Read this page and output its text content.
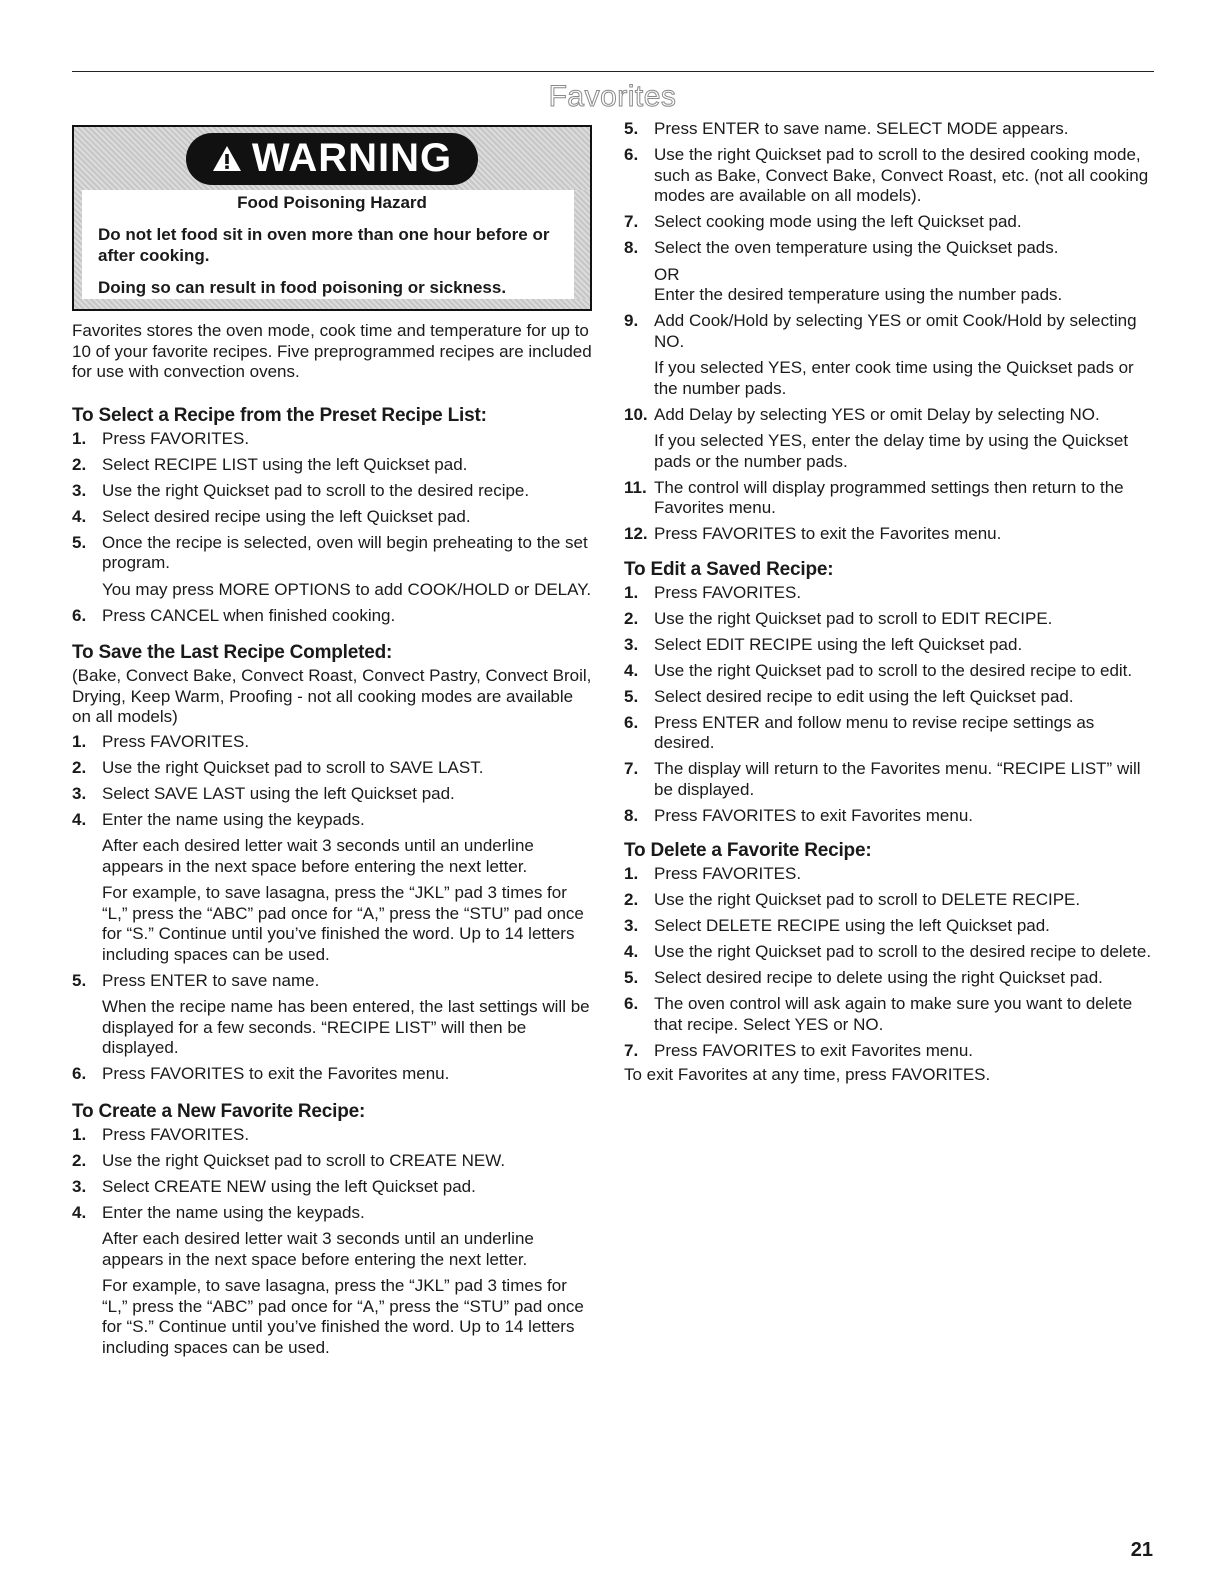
Favorites
WARNING
Food Poisoning Hazard
Do not let food sit in oven more than one hour before or after cooking.
Doing so can result in food poisoning or sickness.

Favorites stores the oven mode, cook time and temperature for up to 10 of your favorite recipes. Five preprogrammed recipes are included for use with convection ovens.

To Select a Recipe from the Preset Recipe List:
1. Press FAVORITES.
2. Select RECIPE LIST using the left Quickset pad.
3. Use the right Quickset pad to scroll to the desired recipe.
4. Select desired recipe using the left Quickset pad.
5. Once the recipe is selected, oven will begin preheating to the set program.
You may press MORE OPTIONS to add COOK/HOLD or DELAY.
6. Press CANCEL when finished cooking.
To Save the Last Recipe Completed:

(Bake, Convect Bake, Convect Roast, Convect Pastry, Convect Broil, Drying, Keep Warm, Proofing - not all cooking modes are available on all models)

1. Press FAVORITES.
2. Use the right Quickset pad to scroll to SAVE LAST.
3. Select SAVE LAST using the left Quickset pad.
4. Enter the name using the keypads.
After each desired letter wait 3 seconds until an underline appears in the next space before entering the next letter.
For example, to save lasagna, press the “JKL” pad 3 times for “L,” press the “ABC” pad once for “A,” press the “STU” pad once for “S.” Continue until you’ve finished the word. Up to 14 letters including spaces can be used.
5. Press ENTER to save name.
When the recipe name has been entered, the last settings will be displayed for a few seconds. “RECIPE LIST” will then be displayed.
6. Press FAVORITES to exit the Favorites menu.
To Create a New Favorite Recipe:
1. Press FAVORITES.
2. Use the right Quickset pad to scroll to CREATE NEW.
3. Select CREATE NEW using the left Quickset pad.
4. Enter the name using the keypads.
After each desired letter wait 3 seconds until an underline appears in the next space before entering the next letter.
For example, to save lasagna, press the “JKL” pad 3 times for “L,” press the “ABC” pad once for “A,” press the “STU” pad once for “S.” Continue until you’ve finished the word. Up to 14 letters including spaces can be used.
5. Press ENTER to save name. SELECT MODE appears.
6. Use the right Quickset pad to scroll to the desired cooking mode, such as Bake, Convect Bake, Convect Roast, etc. (not all cooking modes are available on all models).
7. Select cooking mode using the left Quickset pad.
8. Select the oven temperature using the Quickset pads.
OR
Enter the desired temperature using the number pads.
9. Add Cook/Hold by selecting YES or omit Cook/Hold by selecting NO.
If you selected YES, enter cook time using the Quickset pads or the number pads.
10. Add Delay by selecting YES or omit Delay by selecting NO.
If you selected YES, enter the delay time by using the Quickset pads or the number pads.
11. The control will display programmed settings then return to the Favorites menu.
12. Press FAVORITES to exit the Favorites menu.
To Edit a Saved Recipe:
1. Press FAVORITES.
2. Use the right Quickset pad to scroll to EDIT RECIPE.
3. Select EDIT RECIPE using the left Quickset pad.
4. Use the right Quickset pad to scroll to the desired recipe to edit.
5. Select desired recipe to edit using the left Quickset pad.
6. Press ENTER and follow menu to revise recipe settings as desired.
7. The display will return to the Favorites menu. “RECIPE LIST” will be displayed.
8. Press FAVORITES to exit Favorites menu.
To Delete a Favorite Recipe:
1. Press FAVORITES.
2. Use the right Quickset pad to scroll to DELETE RECIPE.
3. Select DELETE RECIPE using the left Quickset pad.
4. Use the right Quickset pad to scroll to the desired recipe to delete.
5. Select desired recipe to delete using the right Quickset pad.
6. The oven control will ask again to make sure you want to delete that recipe. Select YES or NO.
7. Press FAVORITES to exit Favorites menu.

To exit Favorites at any time, press FAVORITES.

21
